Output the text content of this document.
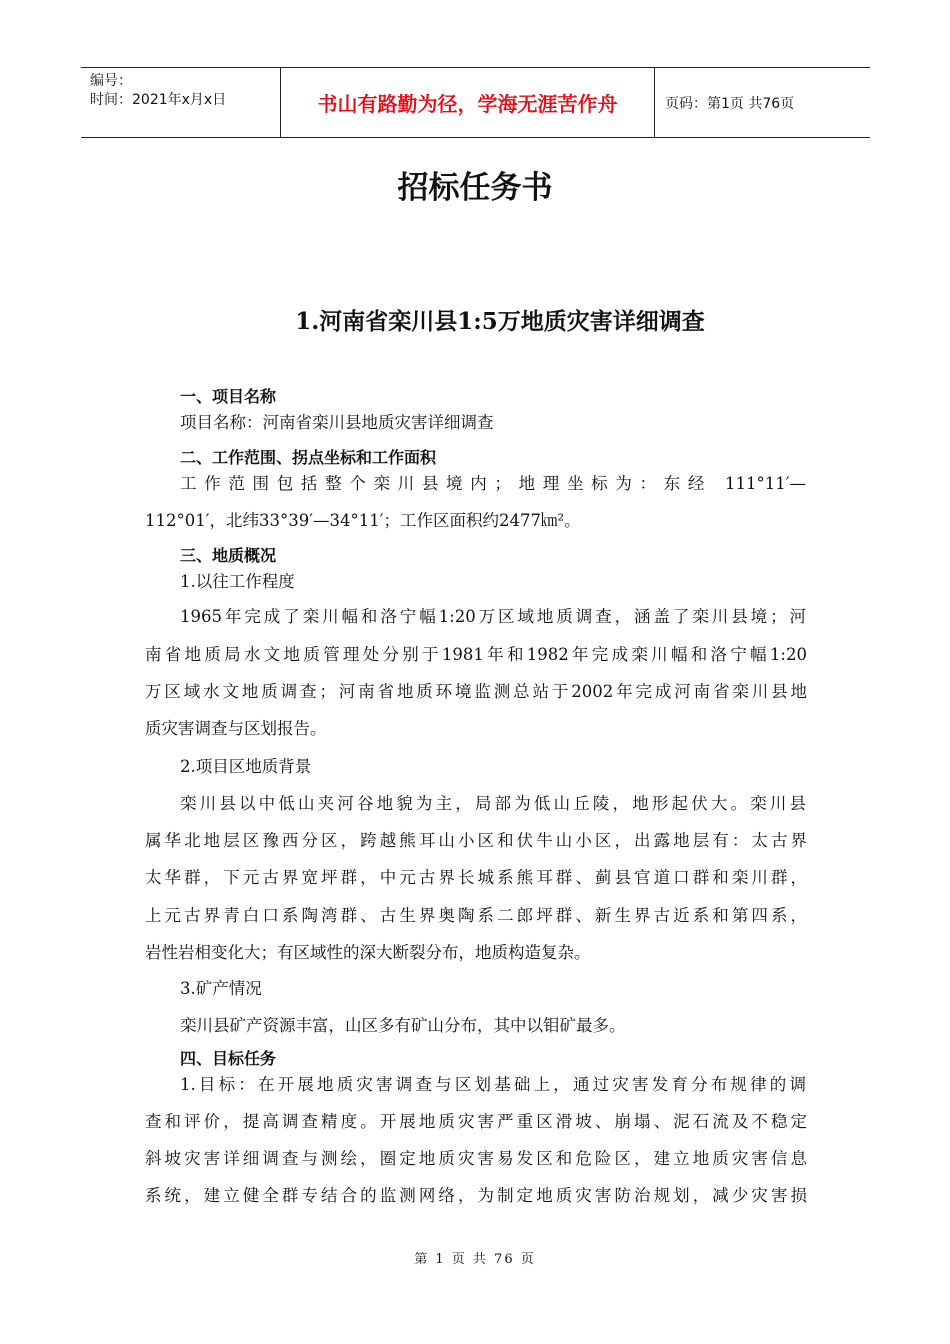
编号：
时间：2021年x月x日	书山有路勤为径，学海无涯苦作舟	页码：第1页 共76页
招标任务书
1.河南省栾川县1:5万地质灾害详细调查
一、项目名称
项目名称：河南省栾川县地质灾害详细调查
二、工作范围、拐点坐标和工作面积
工作范围包括整个栾川县境内；地理坐标为：东经 111°11′—
112°01′，北纬33°39′—34°11′；工作区面积约2477㎞²。
三、地质概况
1.以往工作程度
1965年完成了栾川幅和洛宁幅1:20万区域地质调查，涵盖了栾川县境；河
南省地质局水文地质管理处分别于1981年和1982年完成栾川幅和洛宁幅1:20
万区域水文地质调查；河南省地质环境监测总站于2002年完成河南省栾川县地
质灾害调查与区划报告。
2.项目区地质背景
栾川县以中低山夹河谷地貌为主，局部为低山丘陵，地形起伏大。栾川县
属华北地层区豫西分区，跨越熊耳山小区和伏牛山小区，出露地层有：太古界
太华群，下元古界宽坪群，中元古界长城系熊耳群、蓟县官道口群和栾川群，
上元古界青白口系陶湾群、古生界奥陶系二郎坪群、新生界古近系和第四系，
岩性岩相变化大；有区域性的深大断裂分布，地质构造复杂。
3.矿产情况
栾川县矿产资源丰富，山区多有矿山分布，其中以钼矿最多。
四、目标任务
1.目标：在开展地质灾害调查与区划基础上，通过灾害发育分布规律的调
查和评价，提高调查精度。开展地质灾害严重区滑坡、崩塌、泥石流及不稳定
斜坡灾害详细调查与测绘，圈定地质灾害易发区和危险区，建立地质灾害信息
系统，建立健全群专结合的监测网络，为制定地质灾害防治规划，减少灾害损
第 1 页 共 76 页
